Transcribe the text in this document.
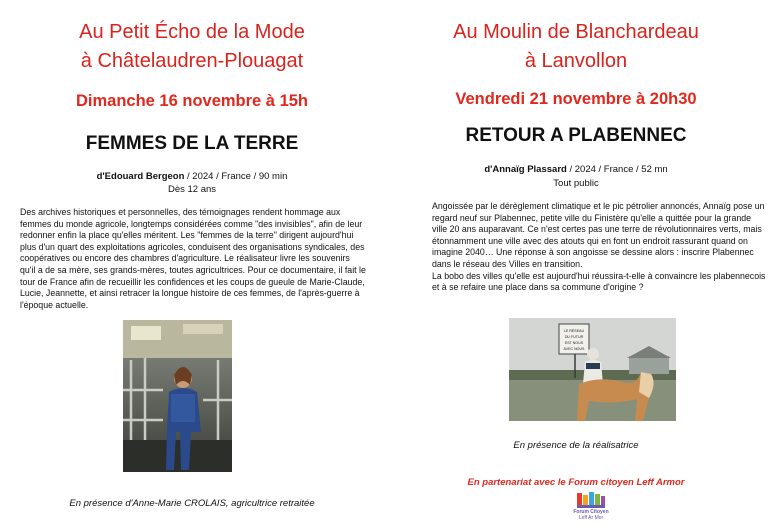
Au Petit Écho de la Mode
à Châtelaudren-Plouagat
Dimanche 16 novembre à 15h
FEMMES DE LA TERRE
d'Edouard Bergeon / 2024 / France / 90 min
Dès 12 ans

Des archives historiques et personnelles, des témoignages rendent hommage aux femmes du monde agricole, longtemps considérées comme "des invisibles", afin de leur redonner enfin la place qu'elles méritent. Les "femmes de la terre" dirigent aujourd'hui plus d'un quart des exploitations agricoles, conduisent des organisations syndicales, des coopératives ou encore des chambres d'agriculture. Le réalisateur livre les souvenirs qu'il a de sa mère, ses grands-mères, toutes agricultrices. Pour ce documentaire, il fait le tour de France afin de recueillir les confidences et les coups de gueule de Marie-Claude, Lucie, Jeannette, et ainsi retracer la longue histoire de ces femmes, de l'après-guerre à l'époque actuelle.

En présence d'Anne-Marie CROLAIS, agricultrice retraitée
Au Moulin de Blanchardeau
à Lanvollon
Vendredi 21 novembre à 20h30
RETOUR A PLABENNEC
d'Annaïg Plassard / 2024 / France / 52 mn
Tout public

Angoissée par le dérèglement climatique et le pic pétrolier annoncés, Annaïg pose un regard neuf sur Plabennec, petite ville du Finistère qu'elle a quittée pour la grande ville 20 ans auparavant. Ce n'est certes pas une terre de révolutionnaires verts, mais étonnamment une ville avec des atouts qui en font un endroit rassurant quand on imagine 2040… Une réponse à son angoisse se dessine alors : inscrire Plabennec dans le réseau des Villes en transition.
La bobo des villes qu'elle est aujourd'hui réussira-t-elle à convaincre les plabennecois et à se refaire une place dans sa commune d'origine ?

LE RÉSEAU
DU FUTUR
EST NOUS
AVEC NOUS
En présence de la réalisatrice
En partenariat avec le Forum citoyen Leff Armor
Forum Citoyen
Leff Ar Mor
